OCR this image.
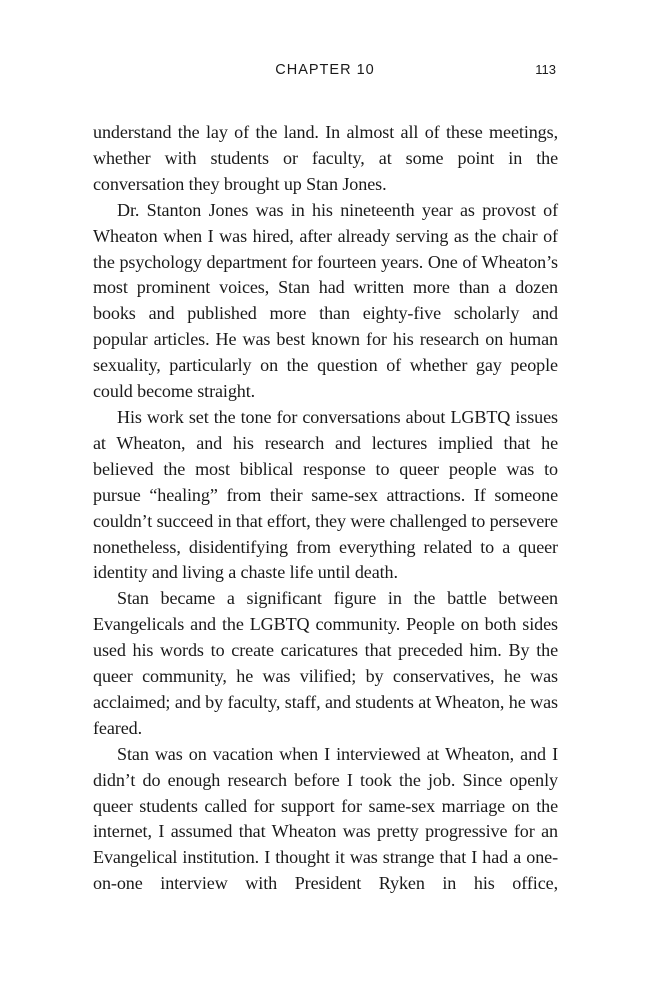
CHAPTER 10	113

understand the lay of the land. In almost all of these meetings, whether with students or faculty, at some point in the conversation they brought up Stan Jones.

Dr. Stanton Jones was in his nineteenth year as provost of Wheaton when I was hired, after already serving as the chair of the psychology department for fourteen years. One of Wheaton’s most prominent voices, Stan had written more than a dozen books and published more than eighty-five scholarly and popular articles. He was best known for his research on human sexuality, particularly on the question of whether gay people could become straight.

His work set the tone for conversations about LGBTQ issues at Wheaton, and his research and lectures implied that he believed the most biblical response to queer people was to pursue “healing” from their same-sex attractions. If someone couldn’t succeed in that effort, they were challenged to persevere nonetheless, disidentifying from everything related to a queer identity and living a chaste life until death.

Stan became a significant figure in the battle between Evangelicals and the LGBTQ community. People on both sides used his words to create caricatures that preceded him. By the queer community, he was vilified; by conservatives, he was acclaimed; and by faculty, staff, and students at Wheaton, he was feared.

Stan was on vacation when I interviewed at Wheaton, and I didn’t do enough research before I took the job. Since openly queer students called for support for same-sex marriage on the internet, I assumed that Wheaton was pretty progressive for an Evangelical institution. I thought it was strange that I had a one-on-one interview with President Ryken in his office,
